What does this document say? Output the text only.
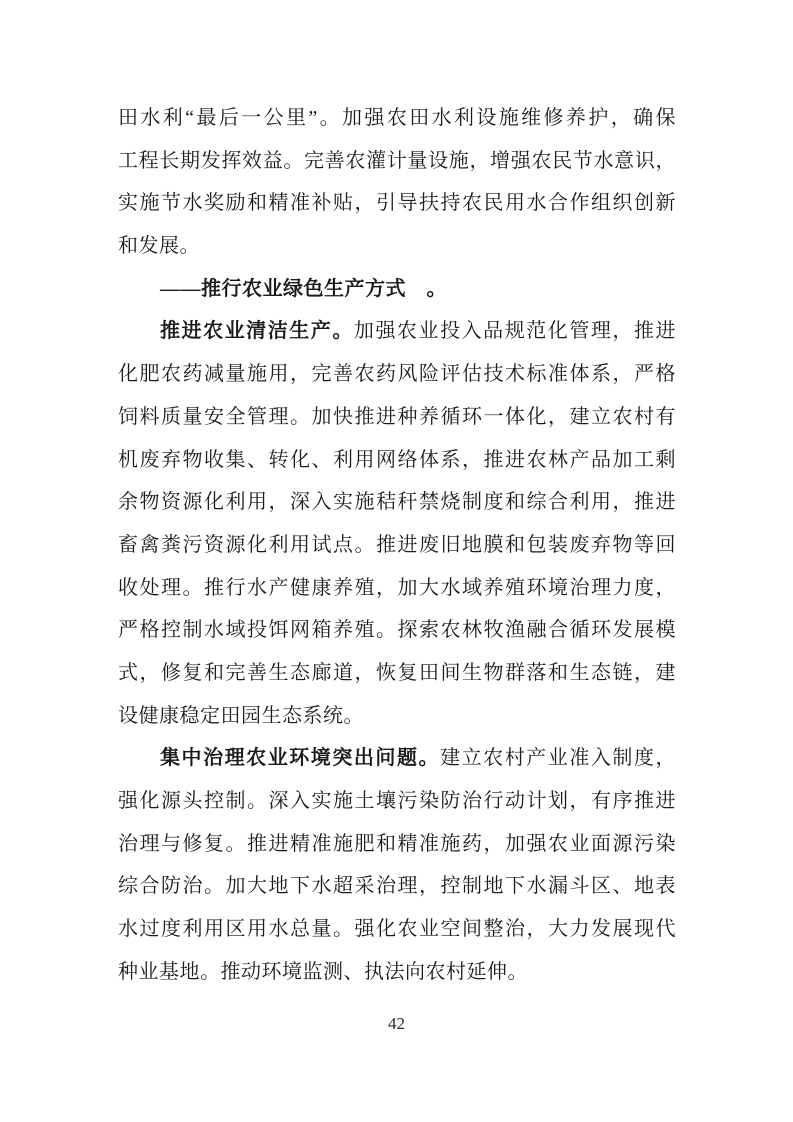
田水利“最后一公里”。加强农田水利设施维修养护，确保
工程长期发挥效益。完善农灌计量设施，增强农民节水意识，
实施节水奖励和精准补贴，引导扶持农民用水合作组织创新
和发展。
——推行农业绿色生产方式　。
推进农业清洁生产。加强农业投入品规范化管理，推进
化肥农药减量施用，完善农药风险评估技术标准体系，严格
饲料质量安全管理。加快推进种养循环一体化，建立农村有
机废弃物收集、转化、利用网络体系，推进农林产品加工剩
余物资源化利用，深入实施秸秆禁烧制度和综合利用，推进
畜禽粪污资源化利用试点。推进废旧地膜和包装废弃物等回
收处理。推行水产健康养殖，加大水域养殖环境治理力度，
严格控制水域投饵网箱养殖。探索农林牧渔融合循环发展模
式，修复和完善生态廊道，恢复田间生物群落和生态链，建
设健康稳定田园生态系统。
集中治理农业环境突出问题。建立农村产业准入制度，
强化源头控制。深入实施土壤污染防治行动计划，有序推进
治理与修复。推进精准施肥和精准施药，加强农业面源污染
综合防治。加大地下水超采治理，控制地下水漏斗区、地表
水过度利用区用水总量。强化农业空间整治，大力发展现代
种业基地。推动环境监测、执法向农村延伸。
42
